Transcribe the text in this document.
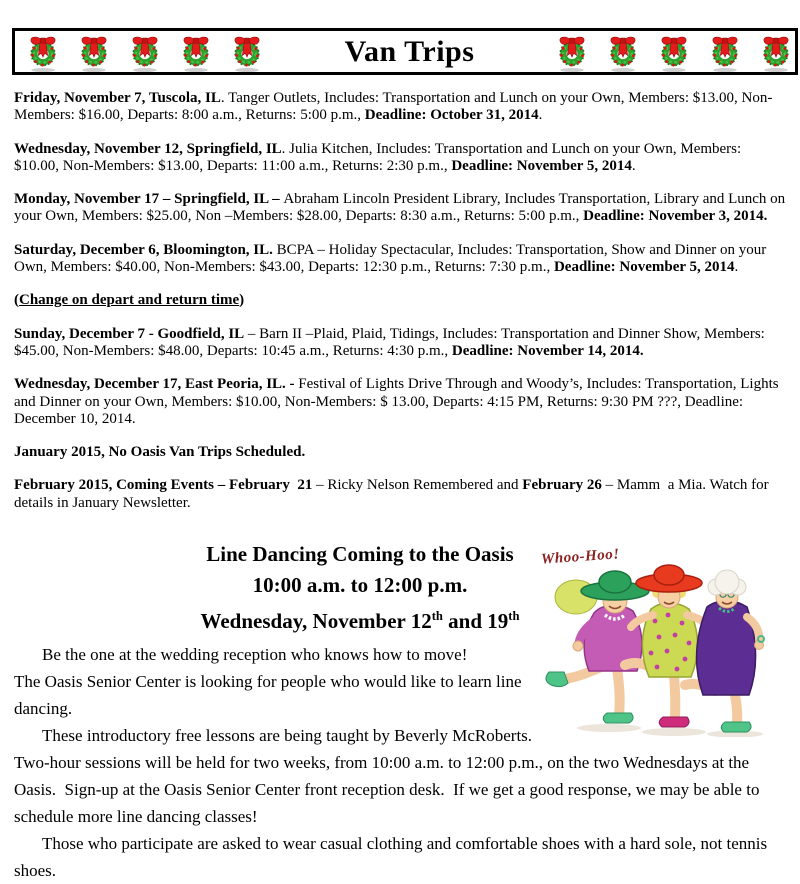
Van Trips

Friday, November 7, Tuscola, IL. Tanger Outlets, Includes: Transportation and Lunch on your Own, Members: $13.00, Non-Members: $16.00, Departs: 8:00 a.m., Returns: 5:00 p.m., Deadline: October 31, 2014.

Wednesday, November 12, Springfield, IL. Julia Kitchen, Includes: Transportation and Lunch on your Own, Members: $10.00, Non-Members: $13.00, Departs: 11:00 a.m., Returns: 2:30 p.m., Deadline: November 5, 2014.

Monday, November 17 – Springfield, IL – Abraham Lincoln President Library, Includes Transportation, Library and Lunch on your Own, Members: $25.00, Non –Members: $28.00, Departs: 8:30 a.m., Returns: 5:00 p.m., Deadline: November 3, 2014.

Saturday, December 6, Bloomington, IL. BCPA – Holiday Spectacular, Includes: Transportation, Show and Dinner on your Own, Members: $40.00, Non-Members: $43.00, Departs: 12:30 p.m., Returns: 7:30 p.m., Deadline: November 5, 2014.

(Change on depart and return time)

Sunday, December 7 - Goodfield, IL – Barn II –Plaid, Plaid, Tidings, Includes: Transportation and Dinner Show, Members: $45.00, Non-Members: $48.00, Departs: 10:45 a.m., Returns: 4:30 p.m., Deadline: November 14, 2014.

Wednesday, December 17, East Peoria, IL. - Festival of Lights Drive Through and Woody’s, Includes: Transportation, Lights and Dinner on your Own, Members: $10.00, Non-Members: $ 13.00, Departs: 4:15 PM, Returns: 9:30 PM ???, Deadline: December 10, 2014.

January 2015, No Oasis Van Trips Scheduled.

February 2015, Coming Events – February  21 – Ricky Nelson Remembered and February 26 – Mamm  a Mia. Watch for details in January Newsletter.

Whoo-Hoo!
Line Dancing Coming to the Oasis
10:00 a.m. to 12:00 p.m.
Wednesday, November 12th and 19th

Be the one at the wedding reception who knows how to move!

The Oasis Senior Center is looking for people who would like to learn line dancing.

These introductory free lessons are being taught by Beverly McRoberts.  Two-hour sessions will be held for two weeks, from 10:00 a.m. to 12:00 p.m., on the two Wednesdays at the Oasis.  Sign-up at the Oasis Senior Center front reception desk.  If we get a good response, we may be able to schedule more line dancing classes!

Those who participate are asked to wear casual clothing and comfortable shoes with a hard sole, not tennis shoes.
